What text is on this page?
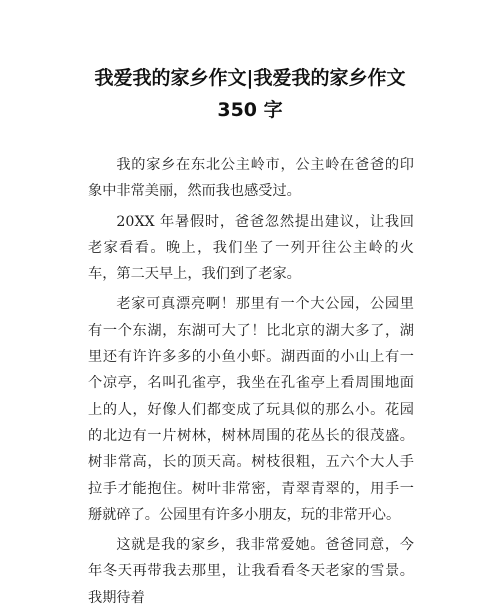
我爱我的家乡作文|我爱我的家乡作文
350 字

我的家乡在东北公主岭市，公主岭在爸爸的印象中非常美丽，然而我也感受过。

20XX 年暑假时，爸爸忽然提出建议，让我回老家看看。晚上，我们坐了一列开往公主岭的火车，第二天早上，我们到了老家。

老家可真漂亮啊！那里有一个大公园，公园里有一个东湖，东湖可大了！比北京的湖大多了，湖里还有许许多多的小鱼小虾。湖西面的小山上有一个凉亭，名叫孔雀亭，我坐在孔雀亭上看周围地面上的人，好像人们都变成了玩具似的那么小。花园的北边有一片树林，树林周围的花丛长的很茂盛。树非常高，长的顶天高。树枝很粗，五六个大人手拉手才能抱住。树叶非常密，青翠青翠的，用手一掰就碎了。公园里有许多小朋友，玩的非常开心。

这就是我的家乡，我非常爱她。爸爸同意，今年冬天再带我去那里，让我看看冬天老家的雪景。我期待着
